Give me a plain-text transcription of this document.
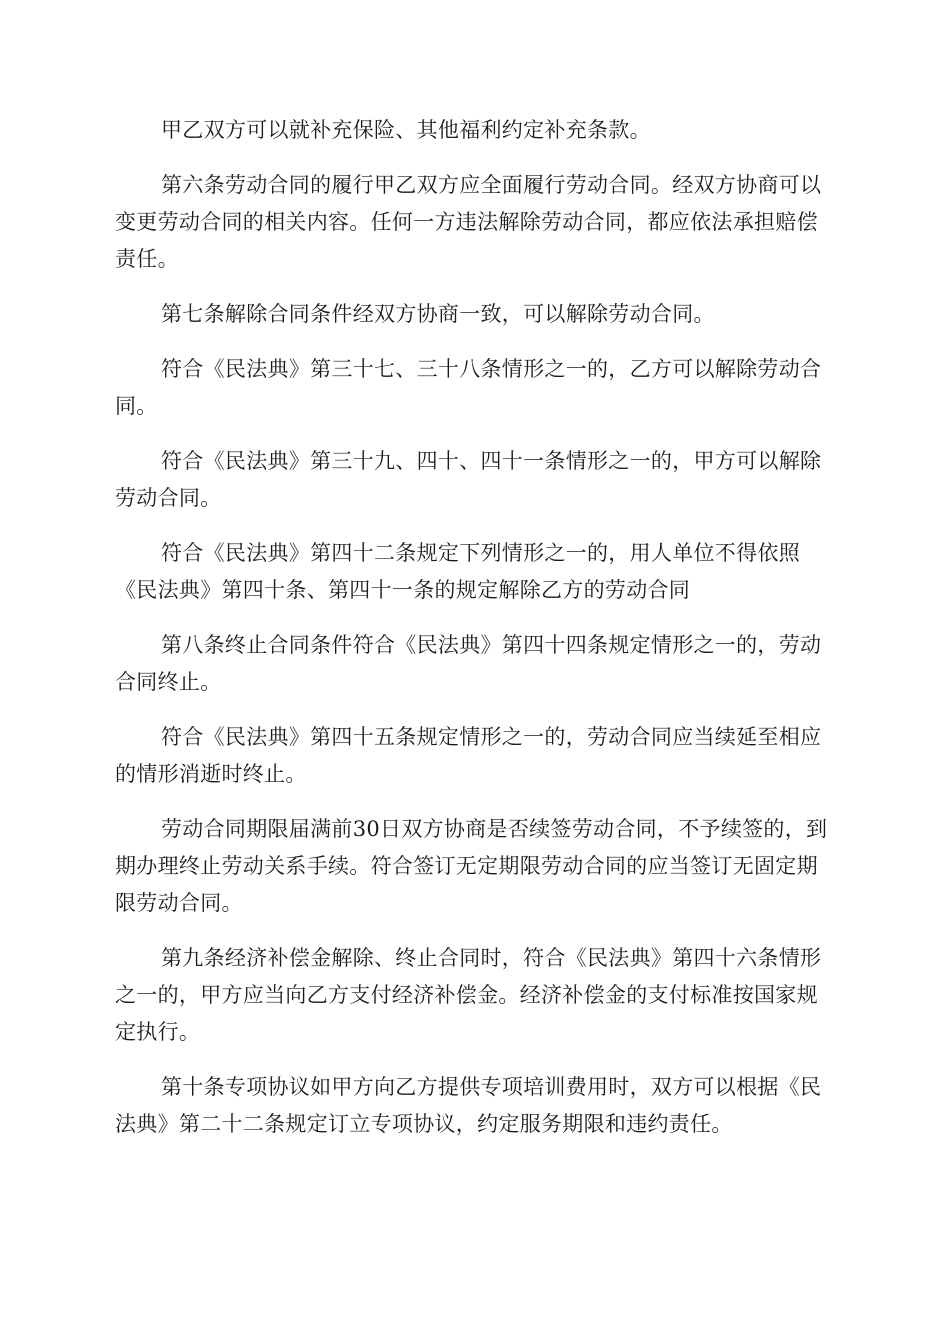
甲乙双方可以就补充保险、其他福利约定补充条款。

第六条劳动合同的履行甲乙双方应全面履行劳动合同。经双方协商可以变更劳动合同的相关内容。任何一方违法解除劳动合同，都应依法承担赔偿责任。

第七条解除合同条件经双方协商一致，可以解除劳动合同。

符合《民法典》第三十七、三十八条情形之一的，乙方可以解除劳动合同。

符合《民法典》第三十九、四十、四十一条情形之一的，甲方可以解除劳动合同。

符合《民法典》第四十二条规定下列情形之一的，用人单位不得依照《民法典》第四十条、第四十一条的规定解除乙方的劳动合同

第八条终止合同条件符合《民法典》第四十四条规定情形之一的，劳动合同终止。

符合《民法典》第四十五条规定情形之一的，劳动合同应当续延至相应的情形消逝时终止。

劳动合同期限届满前30日双方协商是否续签劳动合同，不予续签的，到期办理终止劳动关系手续。符合签订无定期限劳动合同的应当签订无固定期限劳动合同。

第九条经济补偿金解除、终止合同时，符合《民法典》第四十六条情形之一的，甲方应当向乙方支付经济补偿金。经济补偿金的支付标准按国家规定执行。

第十条专项协议如甲方向乙方提供专项培训费用时，双方可以根据《民法典》第二十二条规定订立专项协议，约定服务期限和违约责任。
